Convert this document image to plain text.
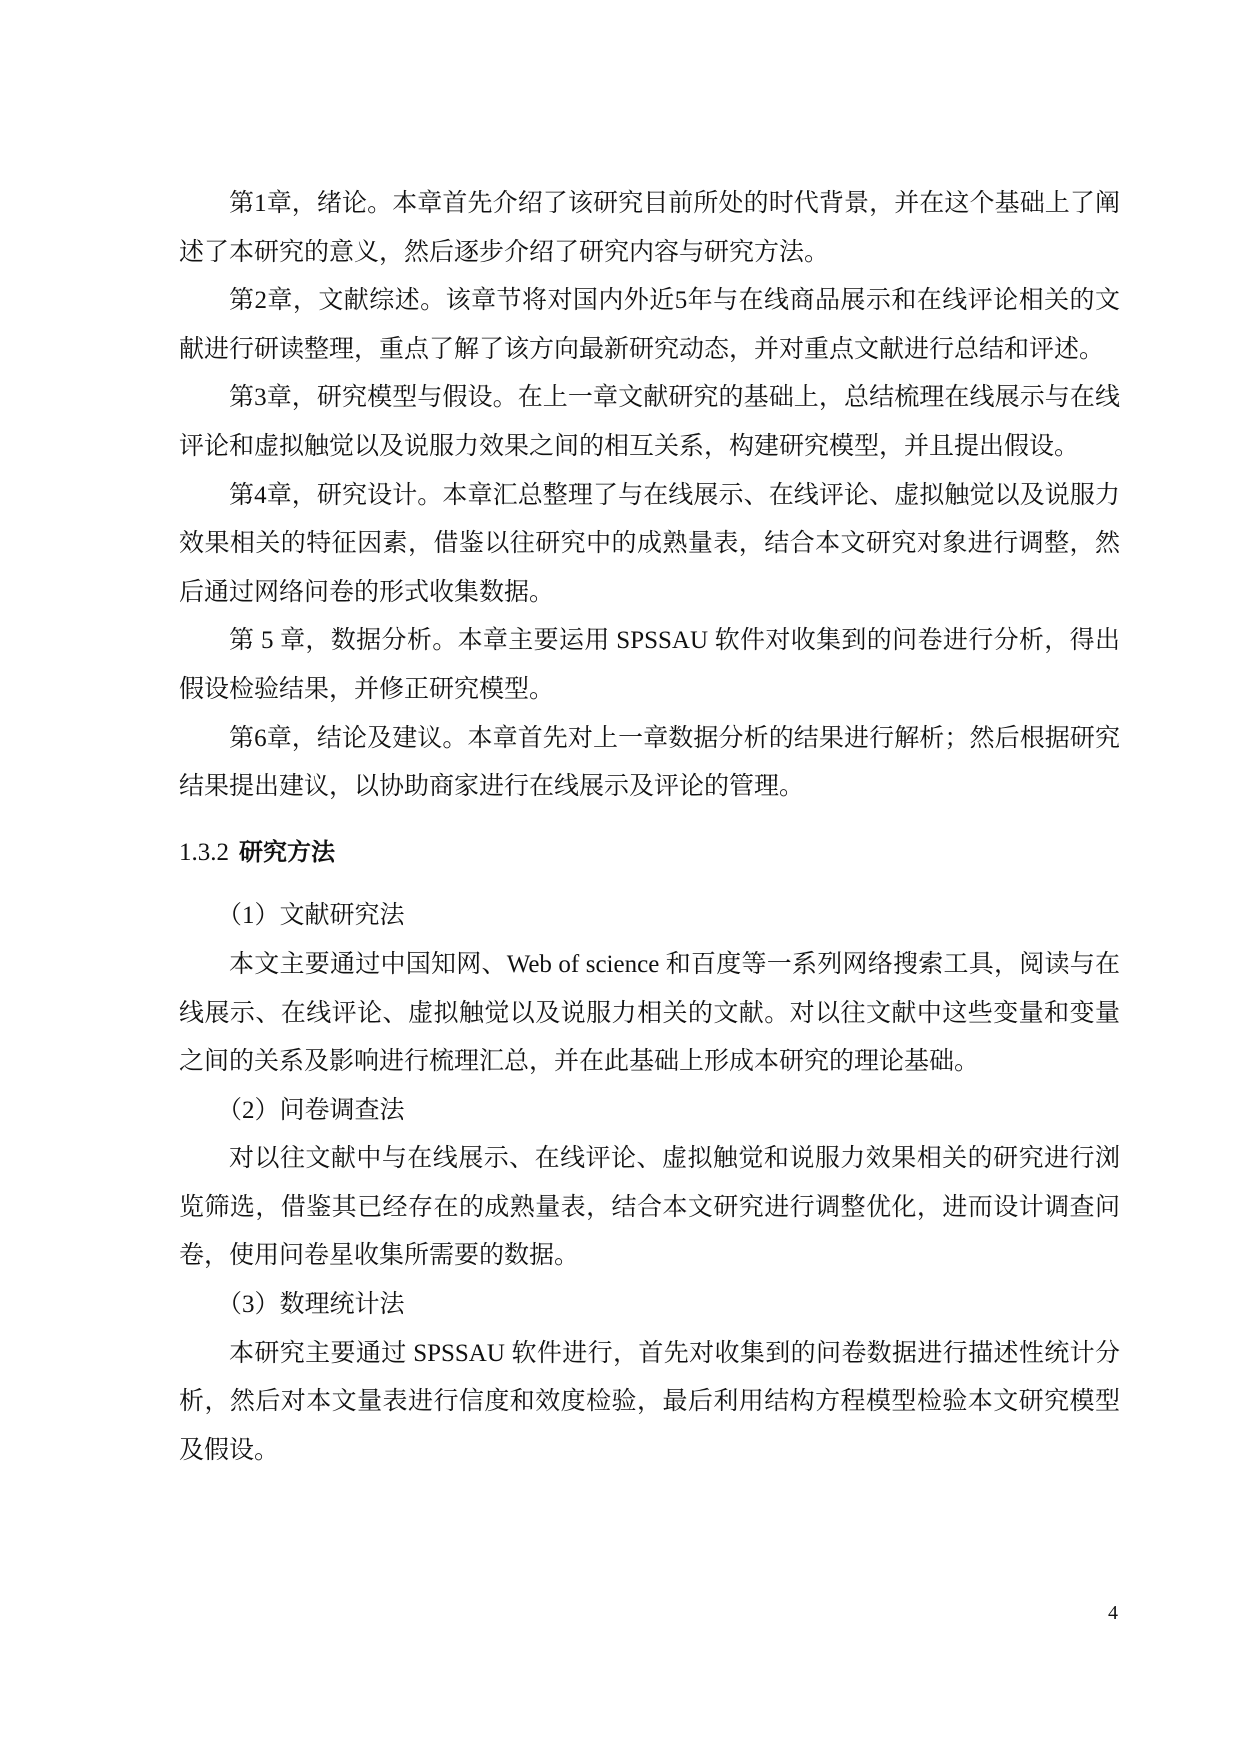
第1章，绪论。本章首先介绍了该研究目前所处的时代背景，并在这个基础上了阐
述了本研究的意义，然后逐步介绍了研究内容与研究方法。
第2章，文献综述。该章节将对国内外近5年与在线商品展示和在线评论相关的文
献进行研读整理，重点了解了该方向最新研究动态，并对重点文献进行总结和评述。
第3章，研究模型与假设。在上一章文献研究的基础上，总结梳理在线展示与在线
评论和虚拟触觉以及说服力效果之间的相互关系，构建研究模型，并且提出假设。
第4章，研究设计。本章汇总整理了与在线展示、在线评论、虚拟触觉以及说服力
效果相关的特征因素，借鉴以往研究中的成熟量表，结合本文研究对象进行调整，然
后通过网络问卷的形式收集数据。
第 5 章，数据分析。本章主要运用 SPSSAU 软件对收集到的问卷进行分析，得出
假设检验结果，并修正研究模型。
第6章，结论及建议。本章首先对上一章数据分析的结果进行解析；然后根据研究
结果提出建议，以协助商家进行在线展示及评论的管理。
1.3.2 研究方法
（1）文献研究法
本文主要通过中国知网、Web of science 和百度等一系列网络搜索工具，阅读与在
线展示、在线评论、虚拟触觉以及说服力相关的文献。对以往文献中这些变量和变量
之间的关系及影响进行梳理汇总，并在此基础上形成本研究的理论基础。
（2）问卷调查法
对以往文献中与在线展示、在线评论、虚拟触觉和说服力效果相关的研究进行浏
览筛选，借鉴其已经存在的成熟量表，结合本文研究进行调整优化，进而设计调查问
卷，使用问卷星收集所需要的数据。
（3）数理统计法
本研究主要通过 SPSSAU 软件进行，首先对收集到的问卷数据进行描述性统计分
析，然后对本文量表进行信度和效度检验，最后利用结构方程模型检验本文研究模型
及假设。
4
